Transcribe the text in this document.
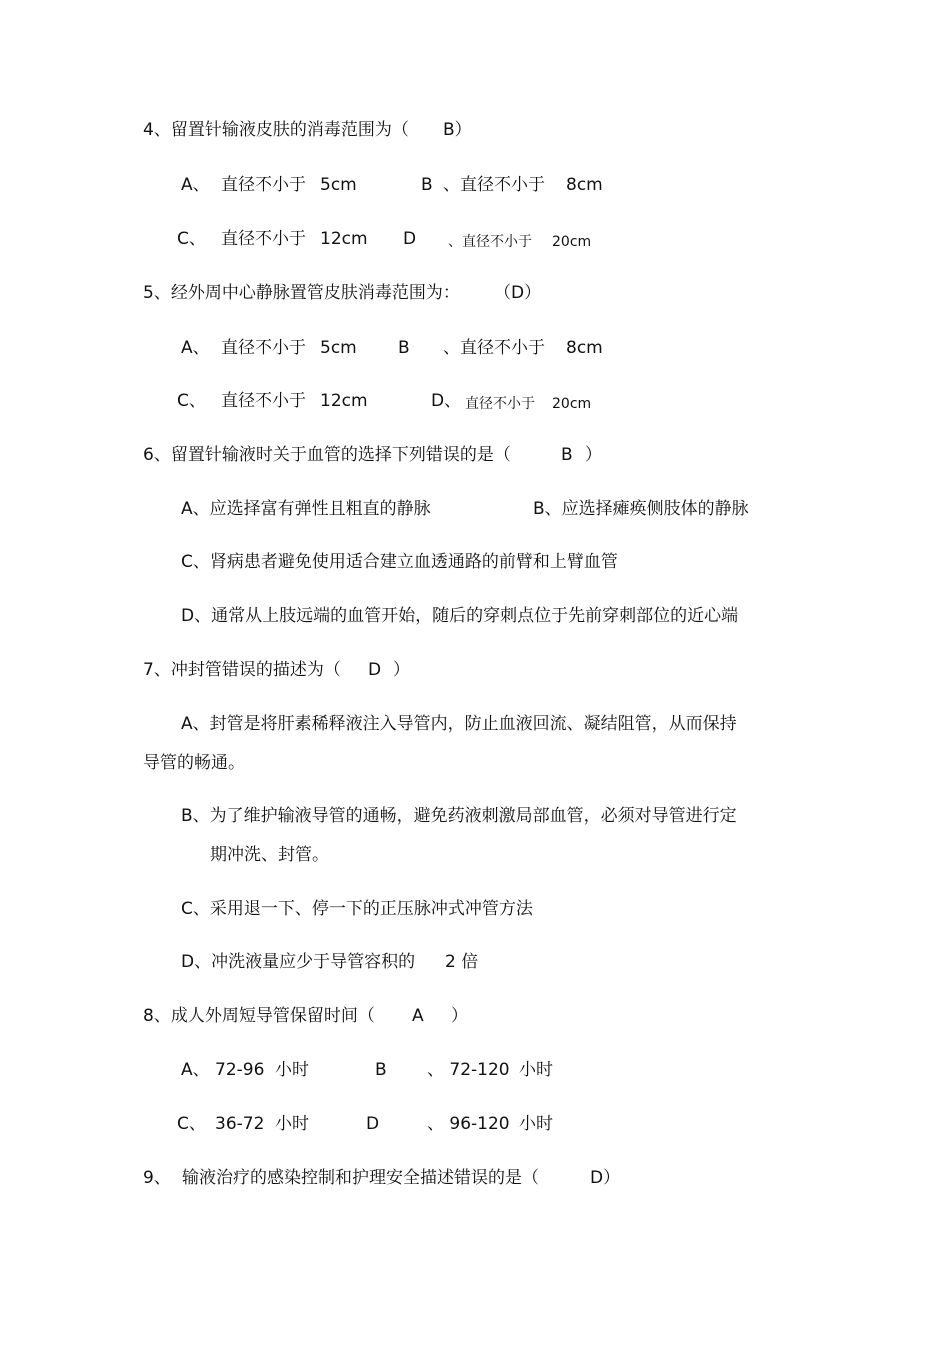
4、留置针输液皮肤的消毒范围为（ B）
A、 直径不小于 5cm	B 、直径不小于 8cm
C、 直径不小于 12cm D 、直径不小于 20cm
5、经外周中心静脉置管皮肤消毒范围为： （D）
A、 直径不小于 5cm B 、直径不小于 8cm
C、 直径不小于 12cm	D、 直径不小于 20cm
6、留置针输液时关于血管的选择下列错误的是（	B ）
A、应选择富有弹性且粗直的静脉	B、应选择瘫痪侧肢体的静脉
C、肾病患者避免使用适合建立血透通路的前臂和上臂血管
D、通常从上肢远端的血管开始，随后的穿刺点位于先前穿刺部位的近心端
7、冲封管错误的描述为（ D ）
A、封管是将肝素稀释液注入导管内，防止血液回流、凝结阻管，从而保持
导管的畅通。
B、为了维护输液导管的通畅，避免药液刺激局部血管，必须对导管进行定
期冲洗、封管。
C、采用退一下、停一下的正压脉冲式冲管方法
D、冲洗液量应少于导管容积的 2 倍
8、成人外周短导管保留时间（ A ）
A、 72-96 小时	B 、 72-120 小时
C、 36-72 小时	D	、 96-120 小时
9、 输液治疗的感染控制和护理安全描述错误的是（	D）
